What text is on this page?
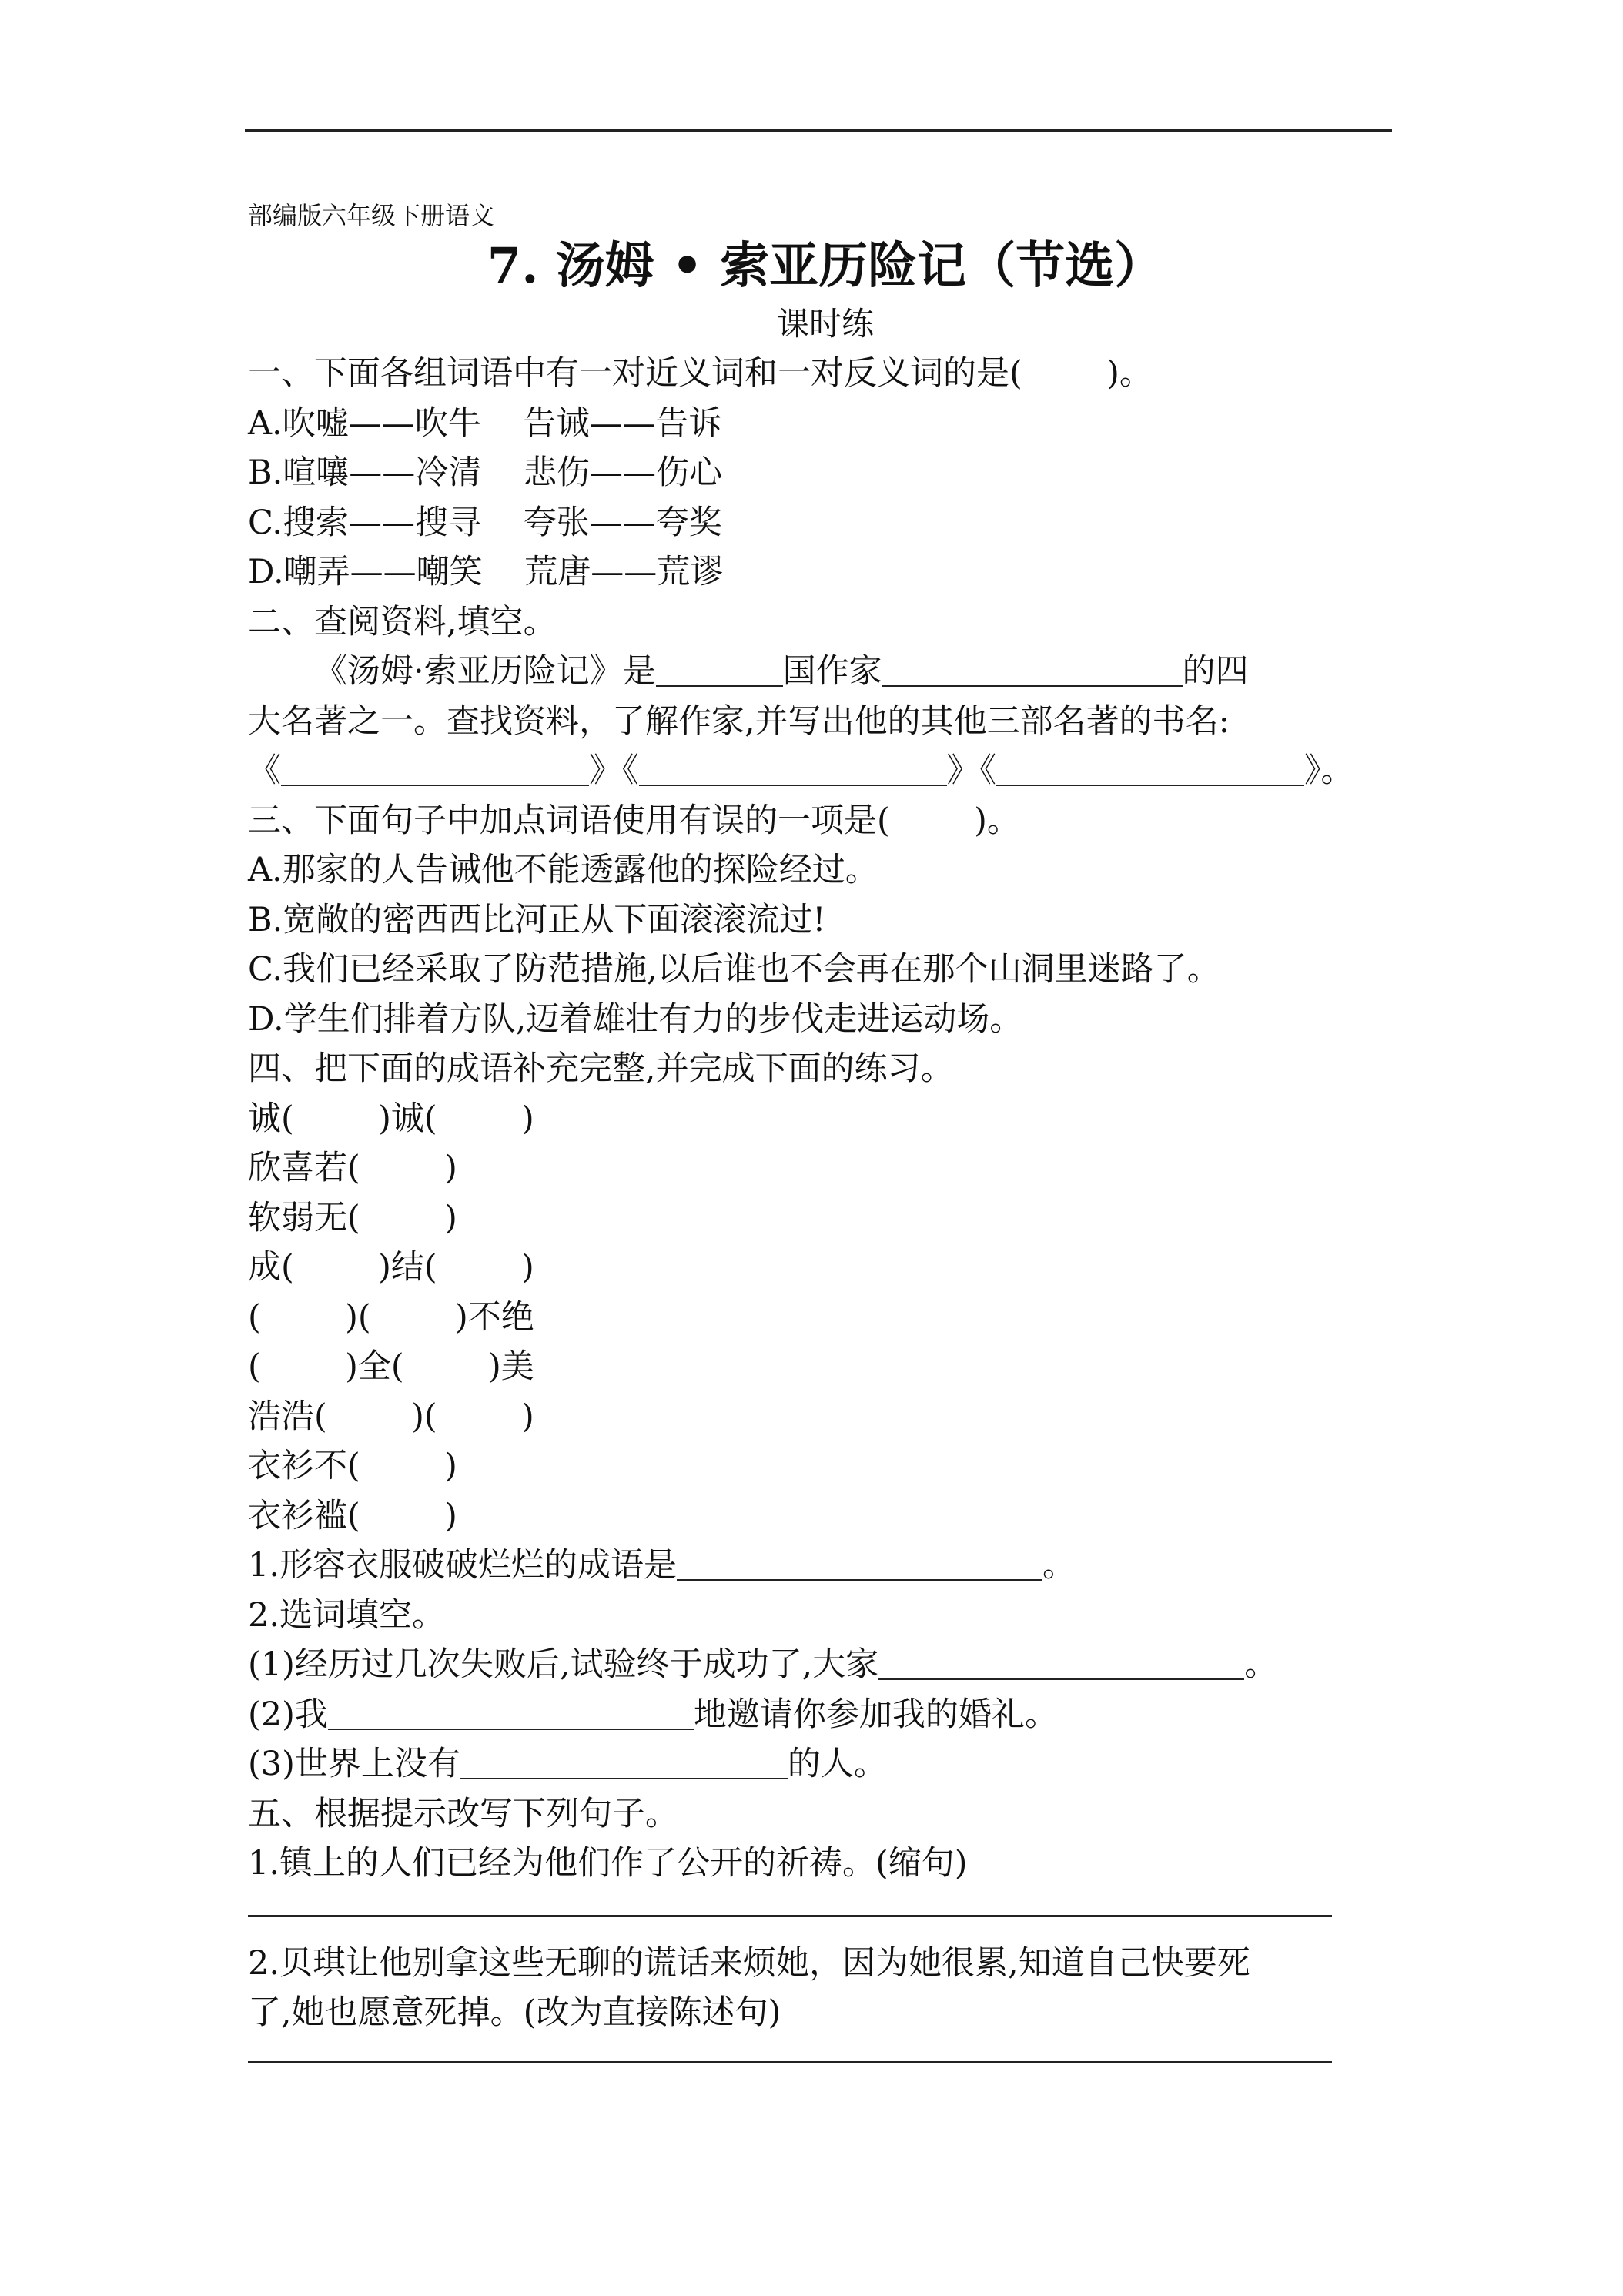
部编版六年级下册语文
7. 汤姆 • 索亚历险记（节选）
课时练
一、下面各组词语中有一对近义词和一对反义词的是(        )。
A.吹嘘——吹牛    告诫——告诉
B.喧嚷——冷清    悲伤——伤心
C.搜索——搜寻    夸张——夸奖
D.嘲弄——嘲笑    荒唐——荒谬
二、查阅资料,填空。
《汤姆·索亚历险记》是	国作家	的四
大名著之一。查找资料，了解作家,并写出他的其他三部名著的书名:
《	》《	》《	》。
三、下面句子中加点词语使用有误的一项是(        )。
A.那家的人告诫他不能透露他的探险经过。
B.宽敞的密西西比河正从下面滚滚流过!
C.我们已经采取了防范措施,以后谁也不会再在那个山洞里迷路了。
D.学生们排着方队,迈着雄壮有力的步伐走进运动场。
四、把下面的成语补充完整,并完成下面的练习。
诚(        )诚(        )
欣喜若(        )
软弱无(        )
成(        )结(        )
(        )(        )不绝
(        )全(        )美
浩浩(        )(        )
衣衫不(        )
衣衫褴(        )
1.形容衣服破破烂烂的成语是	。
2.选词填空。
(1)经历过几次失败后,试验终于成功了,大家	。
(2)我	地邀请你参加我的婚礼。
(3)世界上没有	的人。
五、根据提示改写下列句子。
1.镇上的人们已经为他们作了公开的祈祷。(缩句)
2.贝琪让他别拿这些无聊的谎话来烦她，因为她很累,知道自己快要死
了,她也愿意死掉。(改为直接陈述句)
